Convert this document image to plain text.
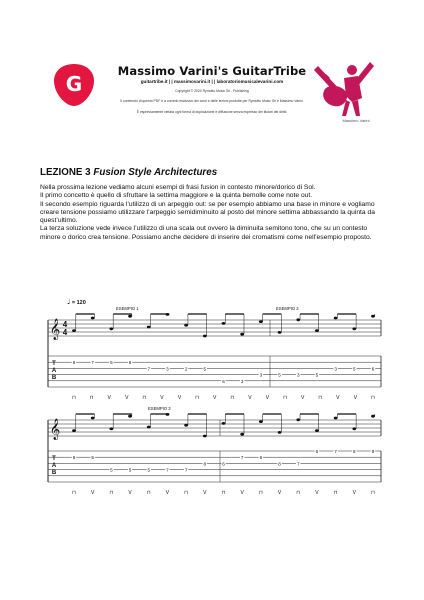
G
Massimo Varini's GuitarTribe
guitartribe.it | | massimovarini.it | | laboratoriomusicalevarini.com
Copyright © 2024 Rymotto Music Srl - Publishing
Il contenuto di questo PDF è a corredo esclusivo dei corsi e delle lezioni prodotte per Rymotto Music Srl e Massimo Varini.
È espressamente vietata ogni forma di duplicazione e diffusione senza espresso dei titolari dei diritti.
Massimo Varini
LEZIONE 3 Fusion Style Architectures

Nella prossima lezione vediamo alcuni esempi di frasi fusion in contesto minore/dorico di Sol.

Il primo concetto è quello di sfruttare la settima maggiore e la quinta bemolle come note out.

Il secondo esempio riguarda l’utilizzo di un arpeggio out: se per esempio abbiamo una base in minore e vogliamo creare tensione possiamo utilizzare l’arpeggio semidiminuito al posto del minore settima abbassando la quinta da quest’ultimo.

La terza soluzione vede invece l’utilizzo di una scala out ovvero la diminuita semitono tono, che su un contesto minore o dorico crea tensione. Possiamo anche decidere di inserire dei cromatismi come nell’esempio proposto.

♩ = 120
𝄞 4
4
T
A
B
ESEMPIO 1	ESEMPIO 2
6	7	5	6
7	3	2	5
6	3
3	5	3	5
3	5	6
⊓	⊓	V	V	⊓	V	V	⊓	V	⊓	V	V	⊓	V	⊓	V	V	⊓
𝄞
T
A
B
ESEMPIO 3
6	5
5	5	5	7	7
8	6
7	6
8	7
6	7	8	9
⊓	V	⊓	V	⊓	V	⊓	V	⊓	V	⊓	V	⊓	V	⊓	V	⊓
